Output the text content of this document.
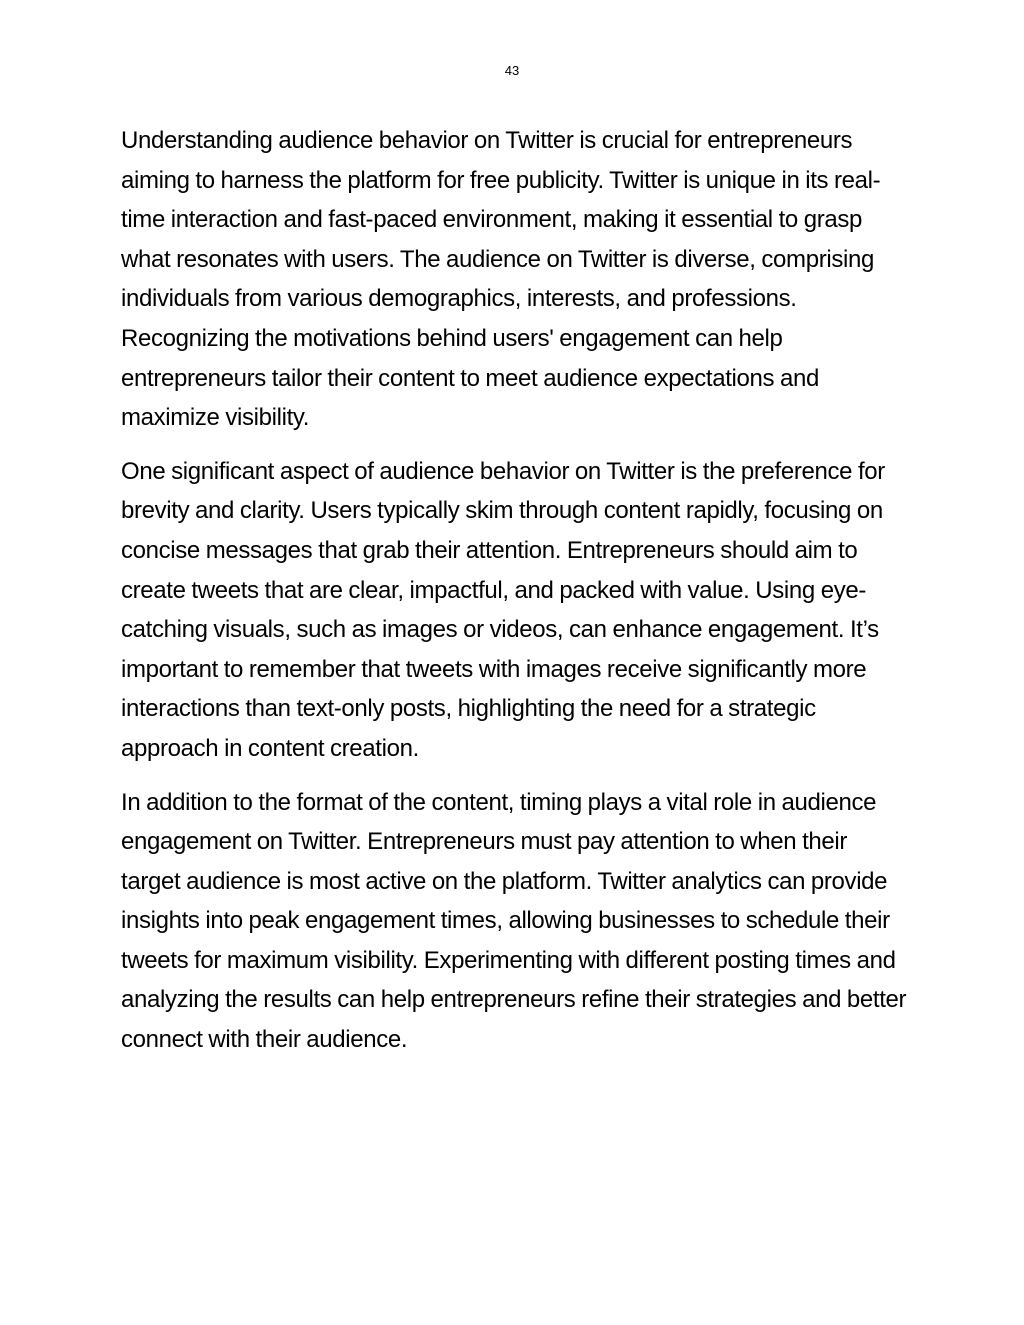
43

Understanding audience behavior on Twitter is crucial for entrepreneurs aiming to harness the platform for free publicity. Twitter is unique in its real-time interaction and fast-paced environment, making it essential to grasp what resonates with users. The audience on Twitter is diverse, comprising individuals from various demographics, interests, and professions. Recognizing the motivations behind users' engagement can help entrepreneurs tailor their content to meet audience expectations and maximize visibility.

One significant aspect of audience behavior on Twitter is the preference for brevity and clarity. Users typically skim through content rapidly, focusing on concise messages that grab their attention. Entrepreneurs should aim to create tweets that are clear, impactful, and packed with value. Using eye-catching visuals, such as images or videos, can enhance engagement. It’s important to remember that tweets with images receive significantly more interactions than text-only posts, highlighting the need for a strategic approach in content creation.

In addition to the format of the content, timing plays a vital role in audience engagement on Twitter. Entrepreneurs must pay attention to when their target audience is most active on the platform. Twitter analytics can provide insights into peak engagement times, allowing businesses to schedule their tweets for maximum visibility. Experimenting with different posting times and analyzing the results can help entrepreneurs refine their strategies and better connect with their audience.
